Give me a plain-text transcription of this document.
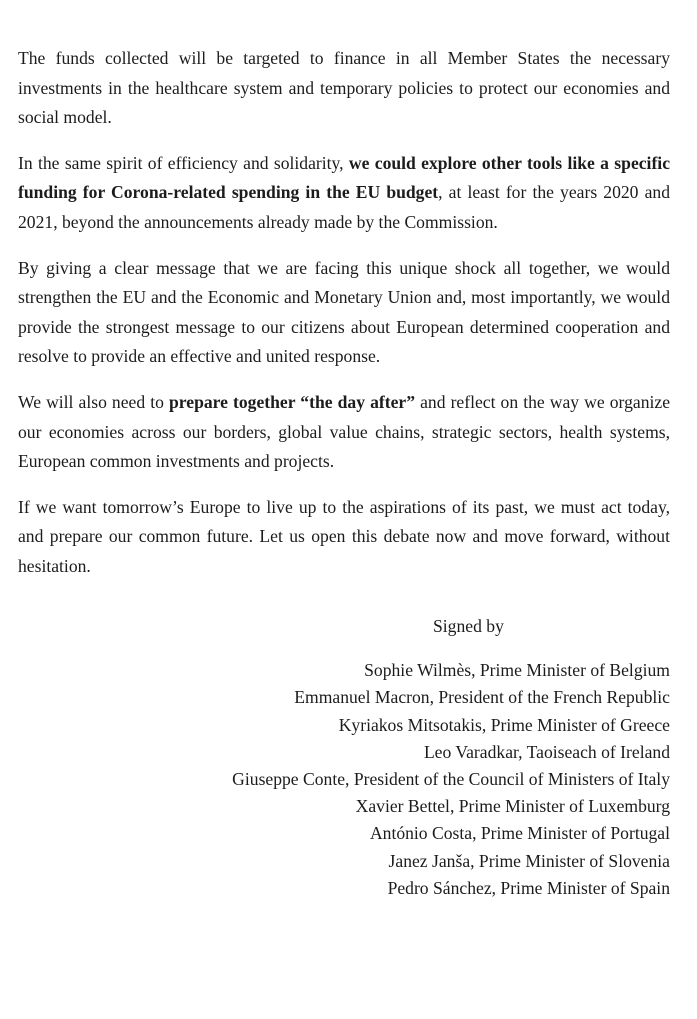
The funds collected will be targeted to finance in all Member States the necessary investments in the healthcare system and temporary policies to protect our economies and social model.

In the same spirit of efficiency and solidarity, we could explore other tools like a specific funding for Corona-related spending in the EU budget, at least for the years 2020 and 2021, beyond the announcements already made by the Commission.

By giving a clear message that we are facing this unique shock all together, we would strengthen the EU and the Economic and Monetary Union and, most importantly, we would provide the strongest message to our citizens about European determined cooperation and resolve to provide an effective and united response.

We will also need to prepare together “the day after” and reflect on the way we organize our economies across our borders, global value chains, strategic sectors, health systems, European common investments and projects.

If we want tomorrow’s Europe to live up to the aspirations of its past, we must act today, and prepare our common future. Let us open this debate now and move forward, without hesitation.

Signed by
Sophie Wilmès, Prime Minister of Belgium
Emmanuel Macron, President of the French Republic
Kyriakos Mitsotakis, Prime Minister of Greece
Leo Varadkar, Taoiseach of Ireland
Giuseppe Conte, President of the Council of Ministers of Italy
Xavier Bettel, Prime Minister of Luxemburg
António Costa, Prime Minister of Portugal
Janez Janša, Prime Minister of Slovenia
Pedro Sánchez, Prime Minister of Spain
